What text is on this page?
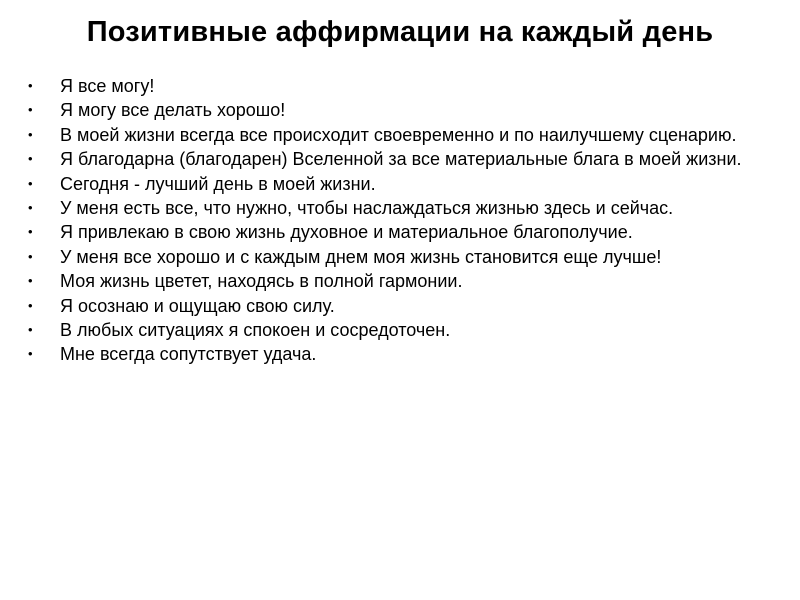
Позитивные аффирмации на каждый день
•	Я все могу!
•	Я могу все делать хорошо!
•	В моей жизни всегда все происходит своевременно и по наилучшему сценарию.
•	Я благодарна (благодарен) Вселенной за все материальные блага в моей жизни.
•	Сегодня - лучший день в моей жизни.
•	У меня есть все, что нужно, чтобы наслаждаться жизнью здесь и сейчас.
•	Я привлекаю в свою жизнь духовное и материальное благополучие.
•	У меня все хорошо и с каждым днем моя жизнь становится еще лучше!
•	Моя жизнь цветет, находясь в полной гармонии.
•	Я осознаю и ощущаю свою силу.
•	В любых ситуациях я спокоен и сосредоточен.
•	Мне всегда сопутствует удача.
